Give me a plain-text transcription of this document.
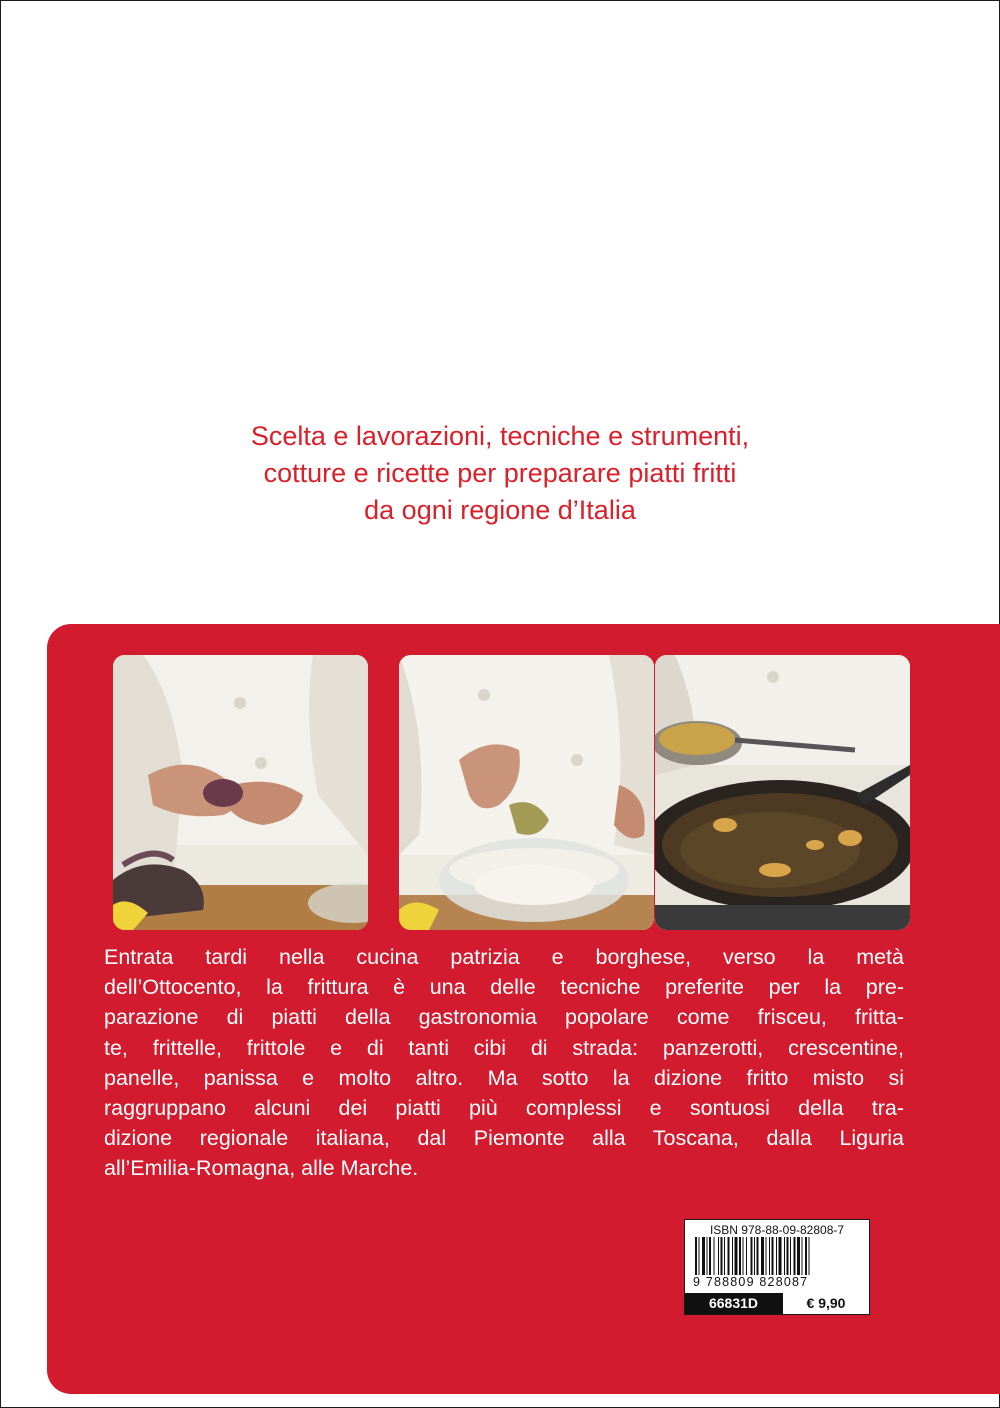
Scelta e lavorazioni, tecniche e strumenti,
cotture e ricette per preparare piatti fritti
da ogni regione d’Italia
Entrata tardi nella cucina patrizia e borghese, verso la metà
dell’Ottocento, la frittura è una delle tecniche preferite per la pre-
parazione di piatti della gastronomia popolare come frisceu, fritta-
te, frittelle, frittole e di tanti cibi di strada: panzerotti, crescentine,
panelle, panissa e molto altro. Ma sotto la dizione fritto misto si
raggruppano alcuni dei piatti più complessi e sontuosi della tra-
dizione regionale italiana, dal Piemonte alla Toscana, dalla Liguria
all’Emilia-Romagna, alle Marche.
ISBN 978-88-09-82808-7
9 788809 828087
66831D	€ 9,90
